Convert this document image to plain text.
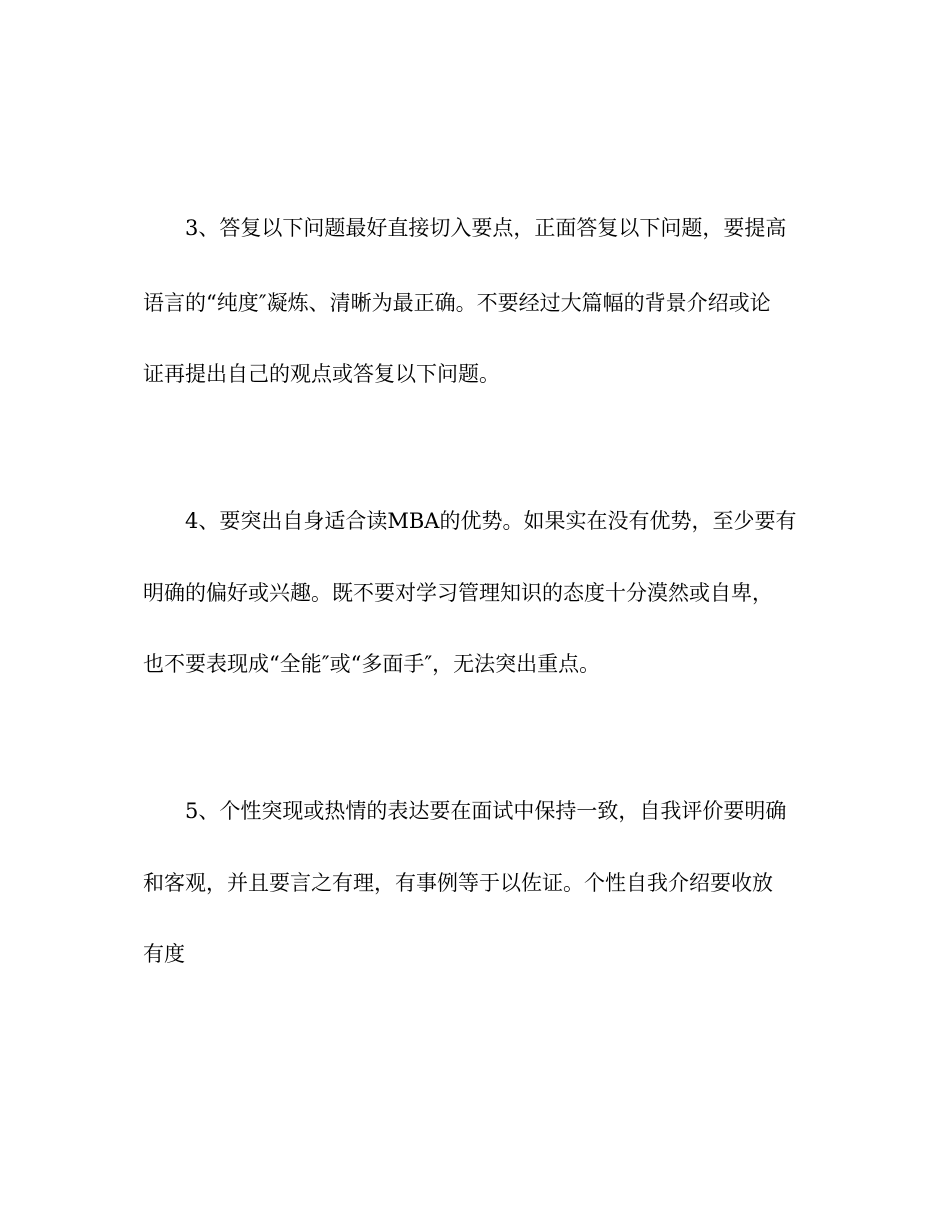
3、答复以下问题最好直接切入要点，正面答复以下问题，要提高
语言的“纯度″凝炼、清晰为最正确。不要经过大篇幅的背景介绍或论
证再提出自己的观点或答复以下问题。
4、要突出自身适合读MBA的优势。如果实在没有优势，至少要有
明确的偏好或兴趣。既不要对学习管理知识的态度十分漠然或自卑，
也不要表现成“全能″或“多面手″，无法突出重点。
5、个性突现或热情的表达要在面试中保持一致，自我评价要明确
和客观，并且要言之有理，有事例等于以佐证。个性自我介绍要收放
有度
